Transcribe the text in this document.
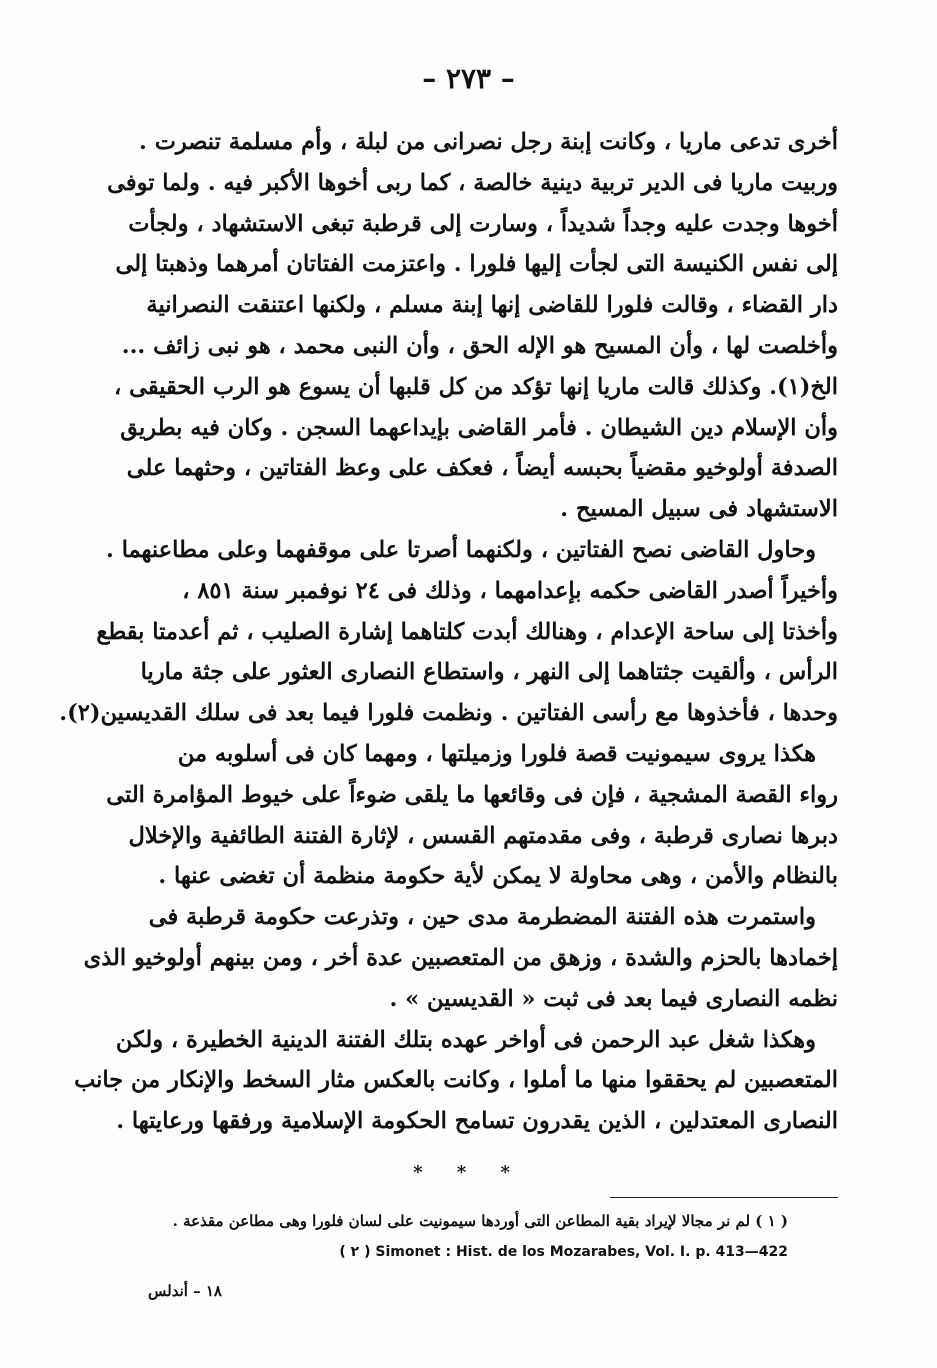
– ٢٧٣ –
أخرى تدعى ماريا ، وكانت إبنة رجل نصرانى من لبلة ، وأم مسلمة تنصرت .
وربيت ماريا فى الدير تربية دينية خالصة ، كما ربى أخوها الأكبر فيه . ولما توفى
أخوها وجدت عليه وجداً شديداً ، وسارت إلى قرطبة تبغى الاستشهاد ، ولجأت
إلى نفس الكنيسة التى لجأت إليها فلورا . واعتزمت الفتاتان أمرهما وذهبتا إلى
دار القضاء ، وقالت فلورا للقاضى إنها إبنة مسلم ، ولكنها اعتنقت النصرانية
وأخلصت لها ، وأن المسيح هو الإله الحق ، وأن النبى محمد ، هو نبى زائف ...
الخ(١). وكذلك قالت ماريا إنها تؤكد من كل قلبها أن يسوع هو الرب الحقيقى ،
وأن الإسلام دين الشيطان . فأمر القاضى بإيداعهما السجن . وكان فيه بطريق
الصدفة أولوخيو مقضياً بحبسه أيضاً ، فعكف على وعظ الفتاتين ، وحثهما على
الاستشهاد فى سبيل المسيح .
وحاول القاضى نصح الفتاتين ، ولكنهما أصرتا على موقفهما وعلى مطاعنهما .
وأخيراً أصدر القاضى حكمه بإعدامهما ، وذلك فى ٢٤ نوفمبر سنة ٨٥١ ،
وأخذتا إلى ساحة الإعدام ، وهنالك أبدت كلتاهما إشارة الصليب ، ثم أعدمتا بقطع
الرأس ، وألقيت جثتاهما إلى النهر ، واستطاع النصارى العثور على جثة ماريا
وحدها ، فأخذوها مع رأسى الفتاتين . ونظمت فلورا فيما بعد فى سلك القديسين(٢).
هكذا يروى سيمونيت قصة فلورا وزميلتها ، ومهما كان فى أسلوبه من
رواء القصة المشجية ، فإن فى وقائعها ما يلقى ضوءاً على خيوط المؤامرة التى
دبرها نصارى قرطبة ، وفى مقدمتهم القسس ، لإثارة الفتنة الطائفية والإخلال
بالنظام والأمن ، وهى محاولة لا يمكن لأية حكومة منظمة أن تغضى عنها .
واستمرت هذه الفتنة المضطرمة مدى حين ، وتذرعت حكومة قرطبة فى
إخمادها بالحزم والشدة ، وزهق من المتعصبين عدة أخر ، ومن بينهم أولوخيو الذى
نظمه النصارى فيما بعد فى ثبت « القديسين » .
وهكذا شغل عبد الرحمن فى أواخر عهده بتلك الفتنة الدينية الخطيرة ، ولكن
المتعصبين لم يحققوا منها ما أملوا ، وكانت بالعكس مثار السخط والإنكار من جانب
النصارى المعتدلين ، الذين يقدرون تسامح الحكومة الإسلامية ورفقها ورعايتها .
* * *
( ١ ) لم نر مجالا لإيراد بقية المطاعن التى أوردها سيمونيت على لسان فلورا وهى مطاعن مقذعة .
Simonet : Hist. de los Mozarabes, Vol. I. p. 413—422 ( ٢ )
١٨ – أندلس
